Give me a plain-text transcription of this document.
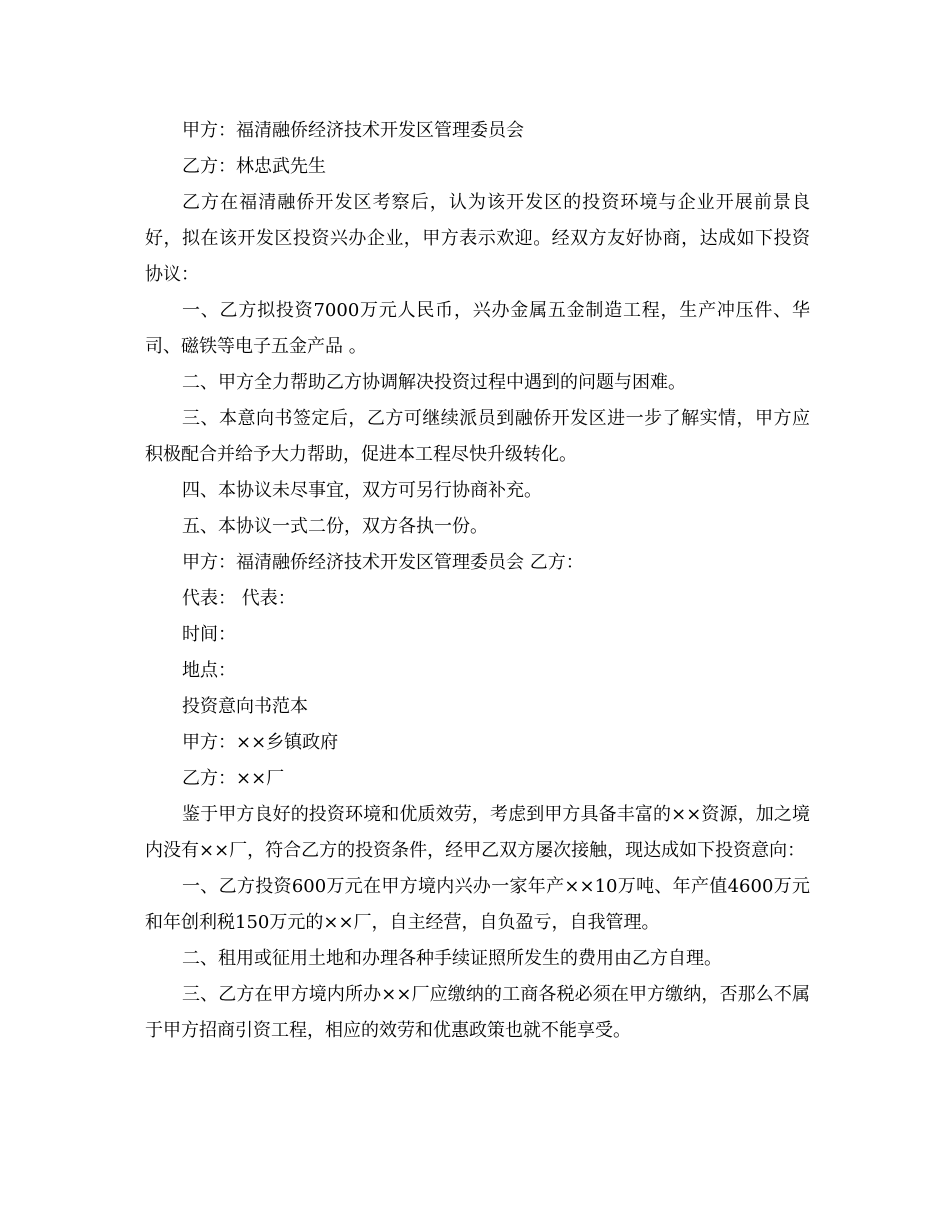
甲方：福清融侨经济技术开发区管理委员会

乙方：林忠武先生

乙方在福清融侨开发区考察后，认为该开发区的投资环境与企业开展前景良好，拟在该开发区投资兴办企业，甲方表示欢迎。经双方友好协商，达成如下投资协议：

一、乙方拟投资7000万元人民币，兴办金属五金制造工程，生产冲压件、华司、磁铁等电子五金产品 。

二、甲方全力帮助乙方协调解决投资过程中遇到的问题与困难。

三、本意向书签定后，乙方可继续派员到融侨开发区进一步了解实情，甲方应积极配合并给予大力帮助，促进本工程尽快升级转化。

四、本协议未尽事宜，双方可另行协商补充。

五、本协议一式二份，双方各执一份。

甲方：福清融侨经济技术开发区管理委员会 乙方：

代表： 代表：

时间：

地点：

投资意向书范本

甲方：××乡镇政府

乙方：××厂

鉴于甲方良好的投资环境和优质效劳，考虑到甲方具备丰富的××资源，加之境内没有××厂，符合乙方的投资条件，经甲乙双方屡次接触，现达成如下投资意向：

一、乙方投资600万元在甲方境内兴办一家年产××10万吨、年产值4600万元和年创利税150万元的××厂，自主经营，自负盈亏，自我管理。

二、租用或征用土地和办理各种手续证照所发生的费用由乙方自理。

三、乙方在甲方境内所办××厂应缴纳的工商各税必须在甲方缴纳，否那么不属于甲方招商引资工程，相应的效劳和优惠政策也就不能享受。
